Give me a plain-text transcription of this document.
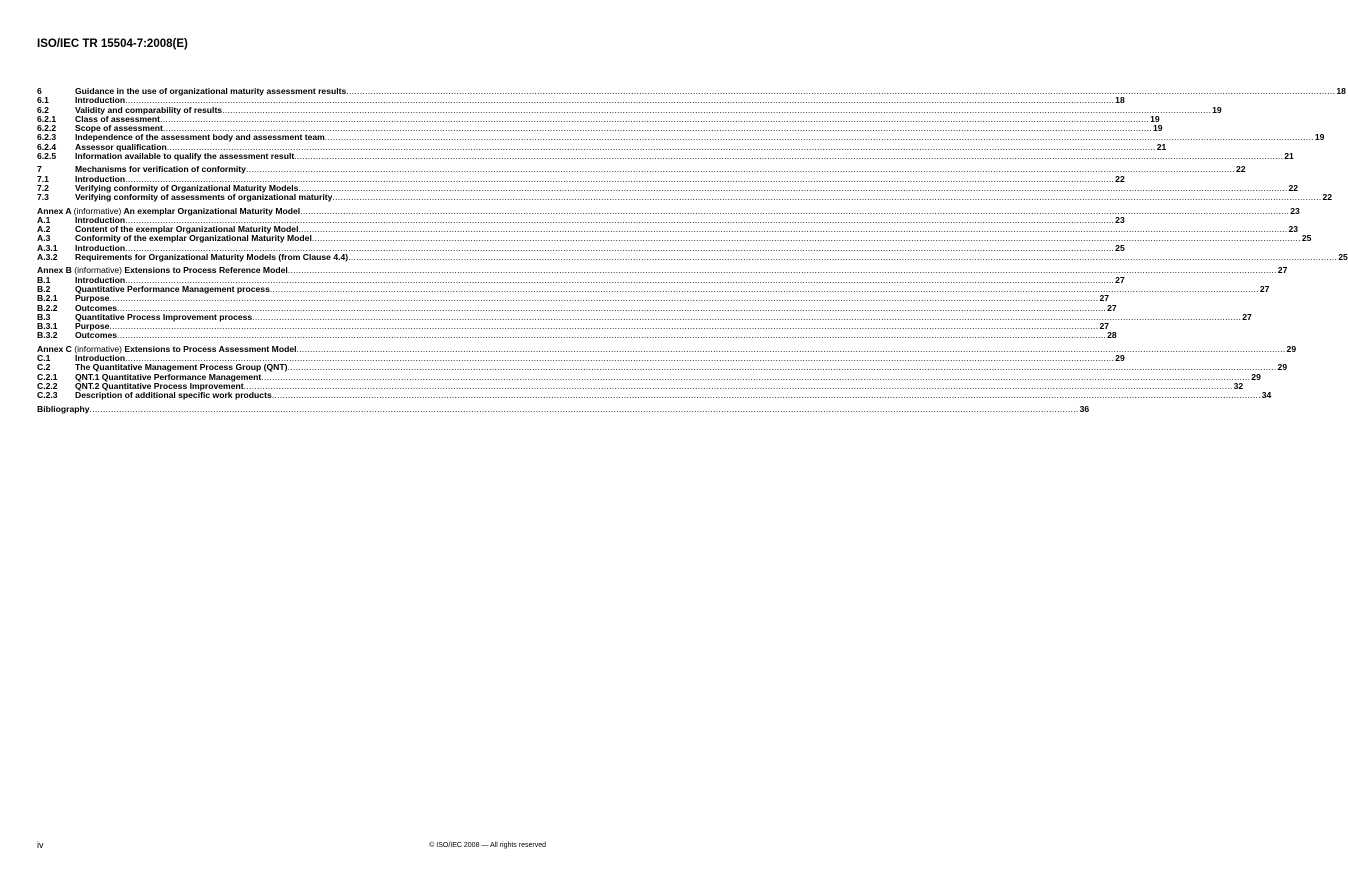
ISO/IEC TR 15504-7:2008(E)
6	Guidance in the use of organizational maturity assessment results .....	18
6.1	Introduction .....	18
6.2	Validity and comparability of results .....	19
6.2.1	Class of assessment .....	19
6.2.2	Scope of assessment .....	19
6.2.3	Independence of the assessment body and assessment team .....	19
6.2.4	Assessor qualification .....	21
6.2.5	Information available to qualify the assessment result .....	21
7	Mechanisms for verification of conformity .....	22
7.1	Introduction .....	22
7.2	Verifying conformity of Organizational Maturity Models .....	22
7.3	Verifying conformity of assessments of organizational maturity .....	22
Annex A (informative) An exemplar Organizational Maturity Model .....	23
A.1	Introduction .....	23
A.2	Content of the exemplar Organizational Maturity Model .....	23
A.3	Conformity of the exemplar Organizational Maturity Model .....	25
A.3.1	Introduction .....	25
A.3.2	Requirements for Organizational Maturity Models (from Clause 4.4) .....	25
Annex B (informative) Extensions to Process Reference Model .....	27
B.1	Introduction .....	27
B.2	Quantitative Performance Management process .....	27
B.2.1	Purpose .....	27
B.2.2	Outcomes .....	27
B.3	Quantitative Process Improvement process .....	27
B.3.1	Purpose .....	27
B.3.2	Outcomes .....	28
Annex C (informative) Extensions to Process Assessment Model .....	29
C.1	Introduction .....	29
C.2	The Quantitative Management Process Group (QNT) .....	29
C.2.1	QNT.1 Quantitative Performance Management .....	29
C.2.2	QNT.2 Quantitative Process Improvement .....	32
C.2.3	Description of additional specific work products .....	34
Bibliography .....	36
iv	© ISO/IEC 2008 — All rights reserved
